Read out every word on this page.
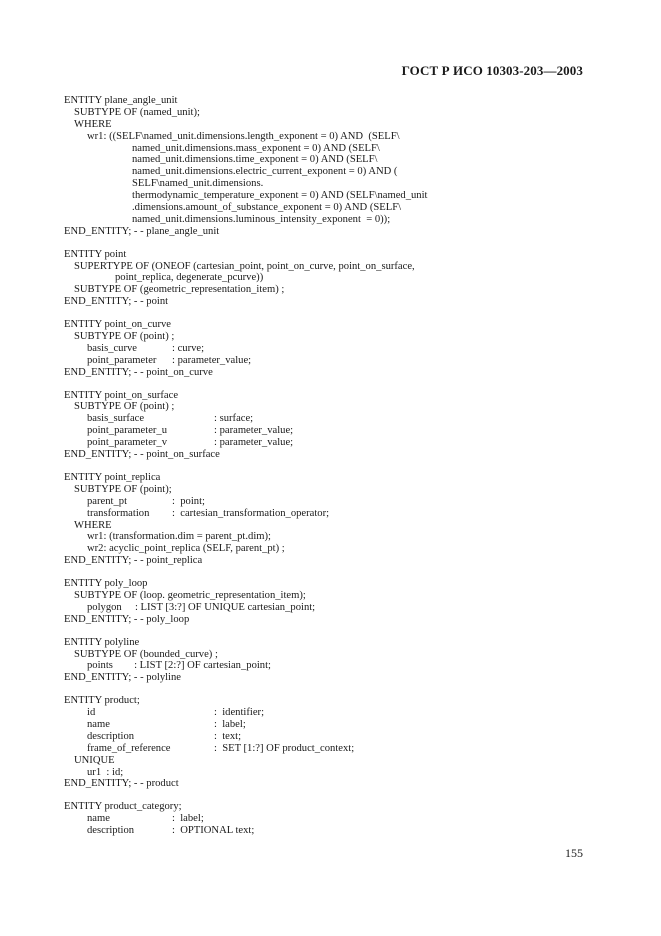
ГОСТ Р ИСО 10303-203—2003
ENTITY plane_angle_unit
SUBTYPE OF (named_unit);
WHERE
wr1: ((SELF\named_unit.dimensions.length_exponent = 0) AND  (SELF\
named_unit.dimensions.mass_exponent = 0) AND (SELF\
named_unit.dimensions.time_exponent = 0) AND (SELF\
named_unit.dimensions.electric_current_exponent = 0) AND (
SELF\named_unit.dimensions.
thermodynamic_temperature_exponent = 0) AND (SELF\named_unit
.dimensions.amount_of_substance_exponent = 0) AND (SELF\
named_unit.dimensions.luminous_intensity_exponent  = 0));
END_ENTITY; - - plane_angle_unit
ENTITY point
SUPERTYPE OF (ONEOF (cartesian_point, point_on_curve, point_on_surface,
point_replica, degenerate_pcurve))
SUBTYPE OF (geometric_representation_item) ;
END_ENTITY; - - point
ENTITY point_on_curve
SUBTYPE OF (point) ;
basis_curve	: curve;
point_parameter : parameter_value;
END_ENTITY; - - point_on_curve
ENTITY point_on_surface
SUBTYPE OF (point) ;
basis_surface	: surface;
point_parameter_u	: parameter_value;
point_parameter_v	: parameter_value;
END_ENTITY; - - point_on_surface
ENTITY point_replica
SUBTYPE OF (point);
parent_pt	:  point;
transformation :  cartesian_transformation_operator;
WHERE
wr1: (transformation.dim = parent_pt.dim);
wr2: acyclic_point_replica (SELF, parent_pt) ;
END_ENTITY; - - point_replica
ENTITY poly_loop
SUBTYPE OF (loop. geometric_representation_item);
polygon     : LIST [3:?] OF UNIQUE cartesian_point;
END_ENTITY; - - poly_loop
ENTITY polyline
SUBTYPE OF (bounded_curve) ;
points        : LIST [2:?] OF cartesian_point;
END_ENTITY; - - polyline
ENTITY product;
id	:  identifier;
name	:  label;
description	:  text;
frame_of_reference	:  SET [1:?] OF product_context;
UNIQUE
ur1  : id;
END_ENTITY; - - product
ENTITY product_category;
name	:  label;
description	:  OPTIONAL text;
155
